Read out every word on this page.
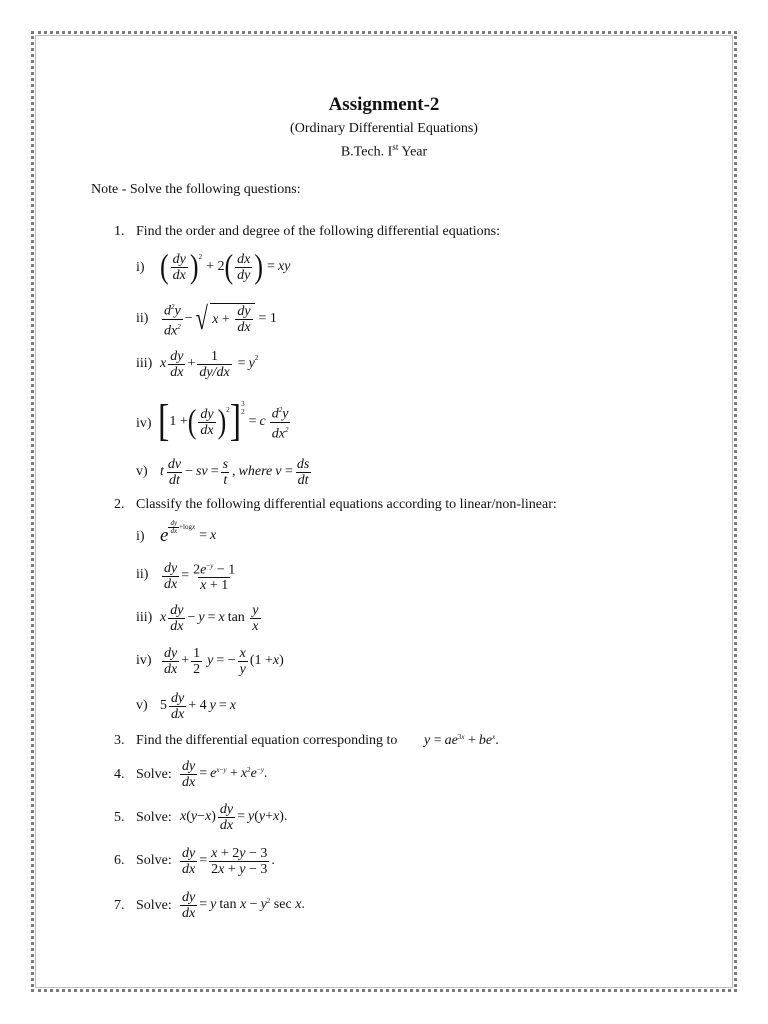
Assignment-2
(Ordinary Differential Equations)
B.Tech. Ist Year
Note - Solve the following questions:
1. Find the order and degree of the following differential equations:
i) ( $\frac{dy}{dx}$ ) 2
+ 2 ( $\frac{dx}{dy}$ ) = xy
$ii) \frac{d^2y}{dx^2}$ − √ $x + \frac{dy}{dx} = 1$
iii) x $\frac{dy}{dx} + \frac{1}{dy/dx} = y$ 2
iv) [ 1 + ( $\frac{dy}{dx}$ ) 2 ] 3
2
= c $\frac{d^2y}{dx^2}$
v) t $\frac{dv}{dt}$ − sv = $\frac{s}{t}$ , where $v = \frac{ds}{dt}$
2. Classify the following differential equations according to linear/non-linear:
i) e $\frac{dy}{dx} +\log$ x
= x
$ii) \frac{dy}{dx} = \frac{2e^{-y} - 1}{x + 1}$
iii) x $\frac{dy}{dx} - y = x$ $\tan \frac{y}{x}$
$iv) \frac{dy}{dx} + \frac{1}{2}$ y = − $\frac{x}{y} (1 + x$ )
v) $5 \frac{dy}{dx} + 4$ y = x
3. Find the differential equation corresponding to y = ae 3x + be x .
4. Solve: $\frac{dy}{dx} = e$ x−y + x 2 e −y .
5. Solve: x ( y − x ) $\frac{dy}{dx} = y$ ( y + x ).
6. Solve: $\frac{dy}{dx} = \frac{x + 2y - 3}{2x + y - 3}$ .
7. Solve: $\frac{dy}{dx} = y$ tan x − y 2 sec x .
